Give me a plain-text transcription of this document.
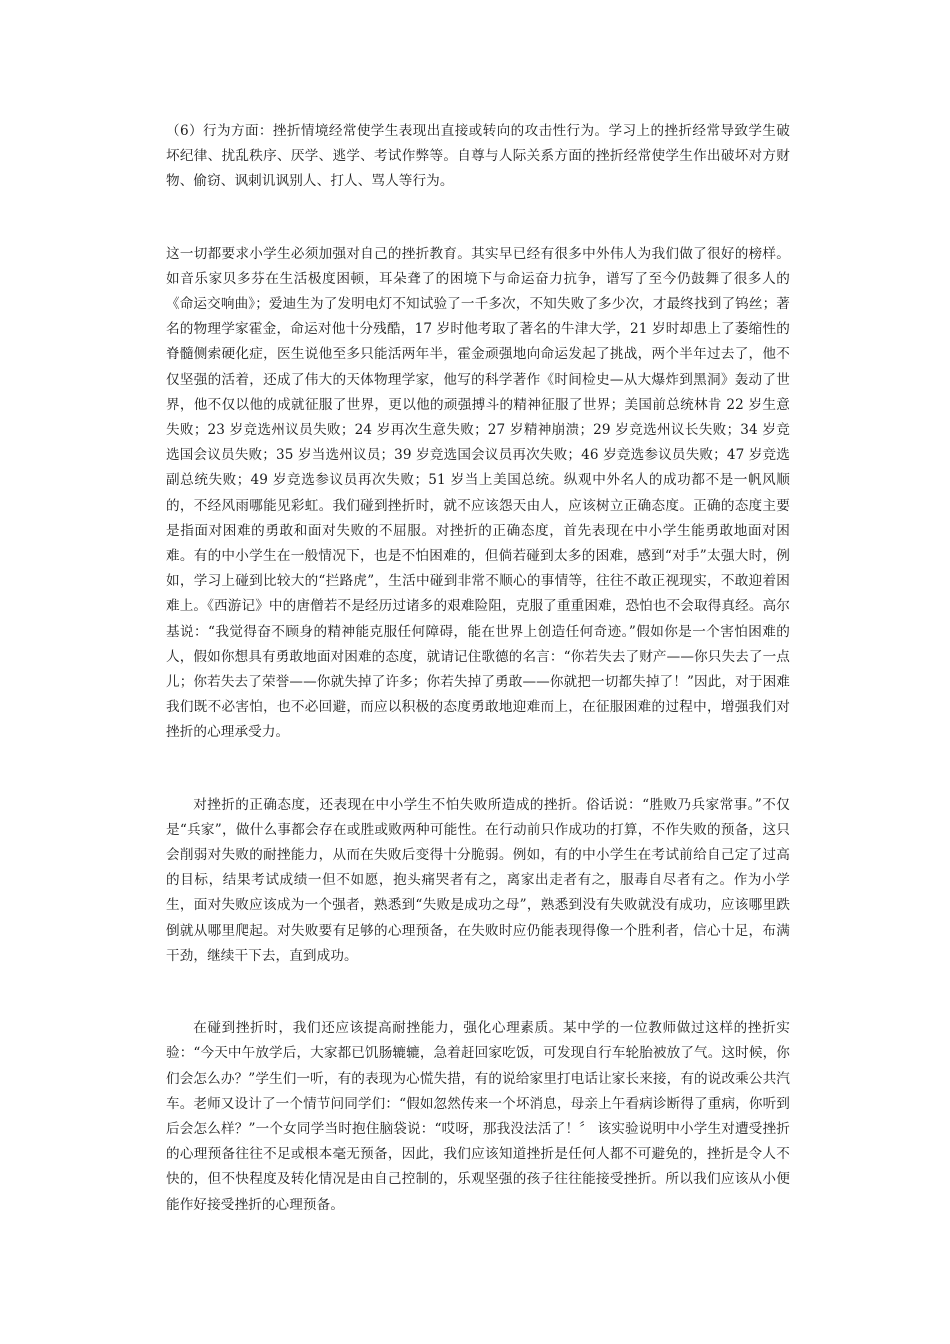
（6）行为方面：挫折情境经常使学生表现出直接或转向的攻击性行为。学习上的挫折经常导致学生破坏纪律、扰乱秩序、厌学、逃学、考试作弊等。自尊与人际关系方面的挫折经常使学生作出破坏对方财物、偷窃、讽刺讥讽别人、打人、骂人等行为。

这一切都要求小学生必须加强对自己的挫折教育。其实早已经有很多中外伟人为我们做了很好的榜样。如音乐家贝多芬在生活极度困顿，耳朵聋了的困境下与命运奋力抗争，谱写了至今仍鼓舞了很多人的《命运交响曲》；爱迪生为了发明电灯不知试验了一千多次，不知失败了多少次，才最终找到了钨丝；著名的物理学家霍金，命运对他十分残酷，17 岁时他考取了著名的牛津大学，21 岁时却患上了萎缩性的脊髓侧索硬化症，医生说他至多只能活两年半，霍金顽强地向命运发起了挑战，两个半年过去了，他不仅坚强的活着，还成了伟大的天体物理学家，他写的科学著作《时间检史—从大爆炸到黑洞》轰动了世界，他不仅以他的成就征服了世界，更以他的顽强搏斗的精神征服了世界；美国前总统林肯 22 岁生意失败；23 岁竞选州议员失败；24 岁再次生意失败；27 岁精神崩溃；29 岁竞选州议长失败；34 岁竞选国会议员失败；35 岁当选州议员；39 岁竞选国会议员再次失败；46 岁竞选参议员失败；47 岁竞选副总统失败；49 岁竞选参议员再次失败；51 岁当上美国总统。纵观中外名人的成功都不是一帆风顺的，不经风雨哪能见彩虹。我们碰到挫折时，就不应该怨天由人，应该树立正确态度。正确的态度主要是指面对困难的勇敢和面对失败的不屈服。对挫折的正确态度，首先表现在中小学生能勇敢地面对困难。有的中小学生在一般情况下，也是不怕困难的，但倘若碰到太多的困难，感到“对手”太强大时，例如，学习上碰到比较大的“拦路虎”，生活中碰到非常不顺心的事情等，往往不敢正视现实，不敢迎着困难上。《西游记》中的唐僧若不是经历过诸多的艰难险阻，克服了重重困难，恐怕也不会取得真经。高尔基说：“我觉得奋不顾身的精神能克服任何障碍，能在世界上创造任何奇迹。”假如你是一个害怕困难的人，假如你想具有勇敢地面对困难的态度，就请记住歌德的名言：“你若失去了财产——你只失去了一点儿；你若失去了荣誉——你就失掉了许多；你若失掉了勇敢——你就把一切都失掉了！”因此，对于困难我们既不必害怕，也不必回避，而应以积极的态度勇敢地迎难而上，在征服困难的过程中，增强我们对挫折的心理承受力。

对挫折的正确态度，还表现在中小学生不怕失败所造成的挫折。俗话说：“胜败乃兵家常事。”不仅是“兵家”，做什么事都会存在或胜或败两种可能性。在行动前只作成功的打算，不作失败的预备，这只会削弱对失败的耐挫能力，从而在失败后变得十分脆弱。例如，有的中小学生在考试前给自己定了过高的目标，结果考试成绩一但不如愿，抱头痛哭者有之，离家出走者有之，服毒自尽者有之。作为小学生，面对失败应该成为一个强者，熟悉到“失败是成功之母”，熟悉到没有失败就没有成功，应该哪里跌倒就从哪里爬起。对失败要有足够的心理预备，在失败时应仍能表现得像一个胜利者，信心十足，布满干劲，继续干下去，直到成功。

在碰到挫折时，我们还应该提高耐挫能力，强化心理素质。某中学的一位教师做过这样的挫折实验：“今天中午放学后，大家都已饥肠辘辘，急着赶回家吃饭，可发现自行车轮胎被放了气。这时候，你们会怎么办？”学生们一听，有的表现为心慌失措，有的说给家里打电话让家长来接，有的说改乘公共汽车。老师又设计了一个情节问同学们：“假如忽然传来一个坏消息，母亲上午看病诊断得了重病，你听到后会怎么样？”一个女同学当时抱住脑袋说：“哎呀，那我没法活了！〞 该实验说明中小学生对遭受挫折的心理预备往往不足或根本毫无预备，因此，我们应该知道挫折是任何人都不可避免的，挫折是令人不快的，但不快程度及转化情况是由自己控制的，乐观坚强的孩子往往能接受挫折。所以我们应该从小便能作好接受挫折的心理预备。
